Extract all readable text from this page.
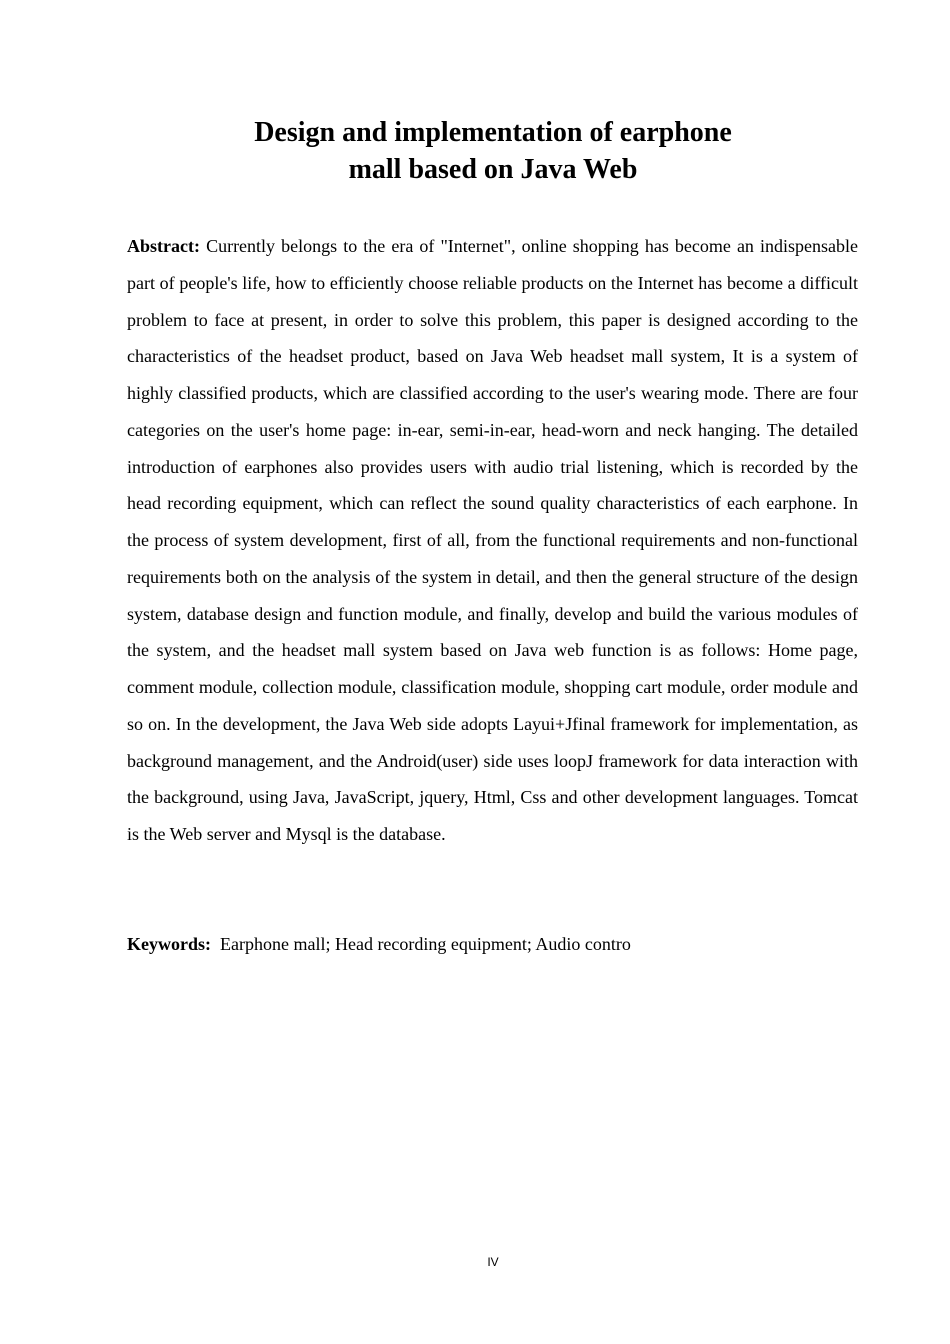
Design and implementation of earphone
mall based on Java Web

Abstract: Currently belongs to the era of "Internet", online shopping has become an indispensable part of people's life, how to efficiently choose reliable products on the Internet has become a difficult problem to face at present, in order to solve this problem, this paper is designed according to the characteristics of the headset product, based on Java Web headset mall system, It is a system of highly classified products, which are classified according to the user's wearing mode. There are four categories on the user's home page: in-ear, semi-in-ear, head-worn and neck hanging. The detailed introduction of earphones also provides users with audio trial listening, which is recorded by the head recording equipment, which can reflect the sound quality characteristics of each earphone. In the process of system development, first of all, from the functional requirements and non-functional requirements both on the analysis of the system in detail, and then the general structure of the design system, database design and function module, and finally, develop and build the various modules of the system, and the headset mall system based on Java web function is as follows: Home page, comment module, collection module, classification module, shopping cart module, order module and so on. In the development, the Java Web side adopts Layui+Jfinal framework for implementation, as background management, and the Android(user) side uses loopJ framework for data interaction with the background, using Java, JavaScript, jquery, Html, Css and other development languages. Tomcat is the Web server and Mysql is the database.

Keywords: Earphone mall; Head recording equipment; Audio contro

IV
